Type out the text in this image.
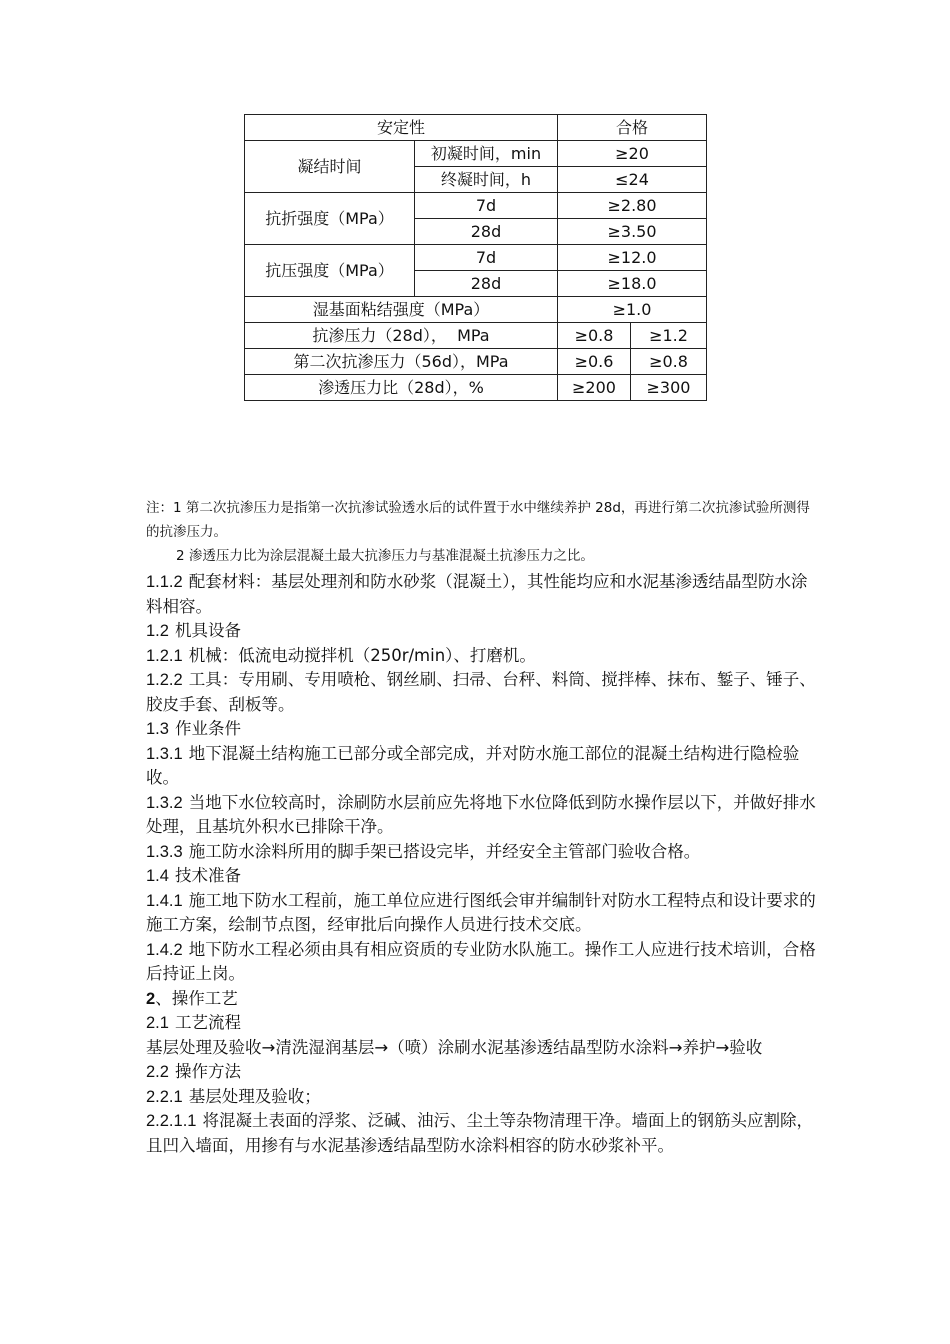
安定性		合格	
凝结时间	初凝时间，min	≥20	
	终凝时间，h	≤24	
抗折强度（MPa）	7d	≥2.80	
	28d	≥3.50	
抗压强度（MPa）	7d	≥12.0	
	28d	≥18.0	
湿基面粘结强度（MPa）		≥1.0	
抗渗压力（28d），  MPa		≥0.8	≥1.2
第二次抗渗压力（56d），MPa		≥0.6	≥0.8
渗透压力比（28d），%		≥200	≥300

注：1 第二次抗渗压力是指第一次抗渗试验透水后的试件置于水中继续养护 28d，再进行第二次抗渗试验所测得的抗渗压力。

2 渗透压力比为涂层混凝土最大抗渗压力与基准混凝土抗渗压力之比。

1.1.2 配套材料：基层处理剂和防水砂浆（混凝土），其性能均应和水泥基渗透结晶型防水涂料相容。

1.2 机具设备

1.2.1 机械：低流电动搅拌机（250r/min）、打磨机。

1.2.2 工具：专用刷、专用喷枪、钢丝刷、扫帚、台秤、料筒、搅拌棒、抹布、錾子、锤子、胶皮手套、刮板等。

1.3 作业条件

1.3.1 地下混凝土结构施工已部分或全部完成，并对防水施工部位的混凝土结构进行隐检验收。

1.3.2 当地下水位较高时，涂刷防水层前应先将地下水位降低到防水操作层以下，并做好排水处理，且基坑外积水已排除干净。

1.3.3 施工防水涂料所用的脚手架已搭设完毕，并经安全主管部门验收合格。

1.4 技术准备

1.4.1 施工地下防水工程前，施工单位应进行图纸会审并编制针对防水工程特点和设计要求的施工方案，绘制节点图，经审批后向操作人员进行技术交底。

1.4.2 地下防水工程必须由具有相应资质的专业防水队施工。操作工人应进行技术培训，合格后持证上岗。

2、操作工艺

2.1 工艺流程

基层处理及验收→清洗湿润基层→（喷）涂刷水泥基渗透结晶型防水涂料→养护→验收

2.2 操作方法

2.2.1 基层处理及验收；

2.2.1.1 将混凝土表面的浮浆、泛碱、油污、尘土等杂物清理干净。墙面上的钢筋头应割除，且凹入墙面，用掺有与水泥基渗透结晶型防水涂料相容的防水砂浆补平。
